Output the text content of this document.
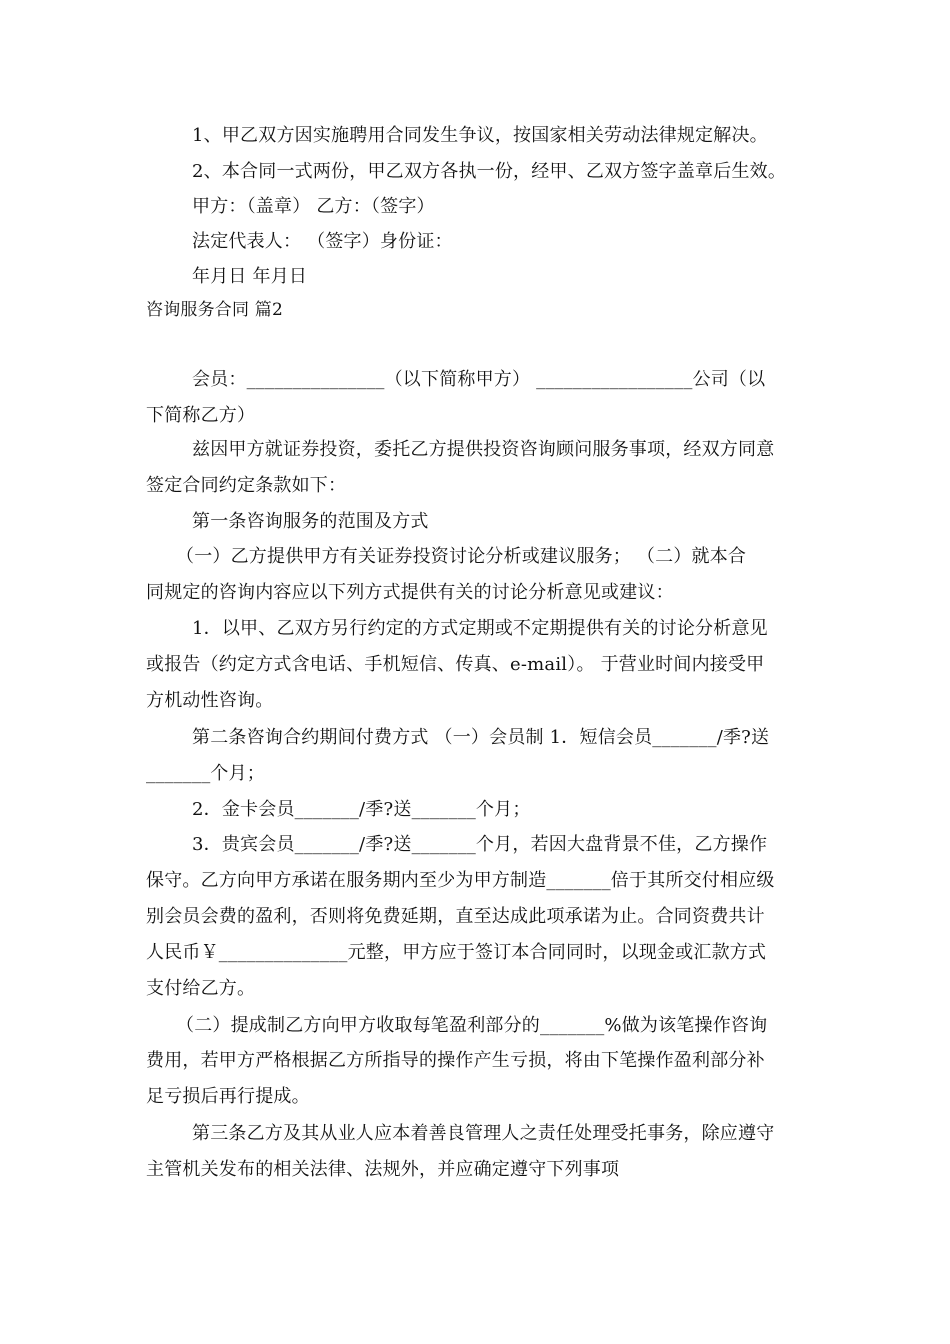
1、甲乙双方因实施聘用合同发生争议，按国家相关劳动法律规定解决。
2、本合同一式两份，甲乙双方各执一份，经甲、乙双方签字盖章后生效。
甲方：（盖章） 乙方：（签字）
法定代表人： （签字）身份证：
年月日 年月日
咨询服务合同 篇2
会员：_______________（以下简称甲方） _________________公司（以
下简称乙方）
兹因甲方就证券投资，委托乙方提供投资咨询顾问服务事项，经双方同意
签定合同约定条款如下：
第一条咨询服务的范围及方式
（一）乙方提供甲方有关证券投资讨论分析或建议服务； （二）就本合
同规定的咨询内容应以下列方式提供有关的讨论分析意见或建议：
1．以甲、乙双方另行约定的方式定期或不定期提供有关的讨论分析意见
或报告（约定方式含电话、手机短信、传真、e-mail）。 于营业时间内接受甲
方机动性咨询。
第二条咨询合约期间付费方式 （一）会员制 1．短信会员_______/季?送
_______个月；
2．金卡会员_______/季?送_______个月；
3．贵宾会员_______/季?送_______个月，若因大盘背景不佳，乙方操作
保守。乙方向甲方承诺在服务期内至少为甲方制造_______倍于其所交付相应级
别会员会费的盈利，否则将免费延期，直至达成此项承诺为止。合同资费共计
人民币￥______________元整，甲方应于签订本合同同时，以现金或汇款方式
支付给乙方。
（二）提成制乙方向甲方收取每笔盈利部分的_______%做为该笔操作咨询
费用，若甲方严格根据乙方所指导的操作产生亏损，将由下笔操作盈利部分补
足亏损后再行提成。
第三条乙方及其从业人应本着善良管理人之责任处理受托事务，除应遵守
主管机关发布的相关法律、法规外，并应确定遵守下列事项
